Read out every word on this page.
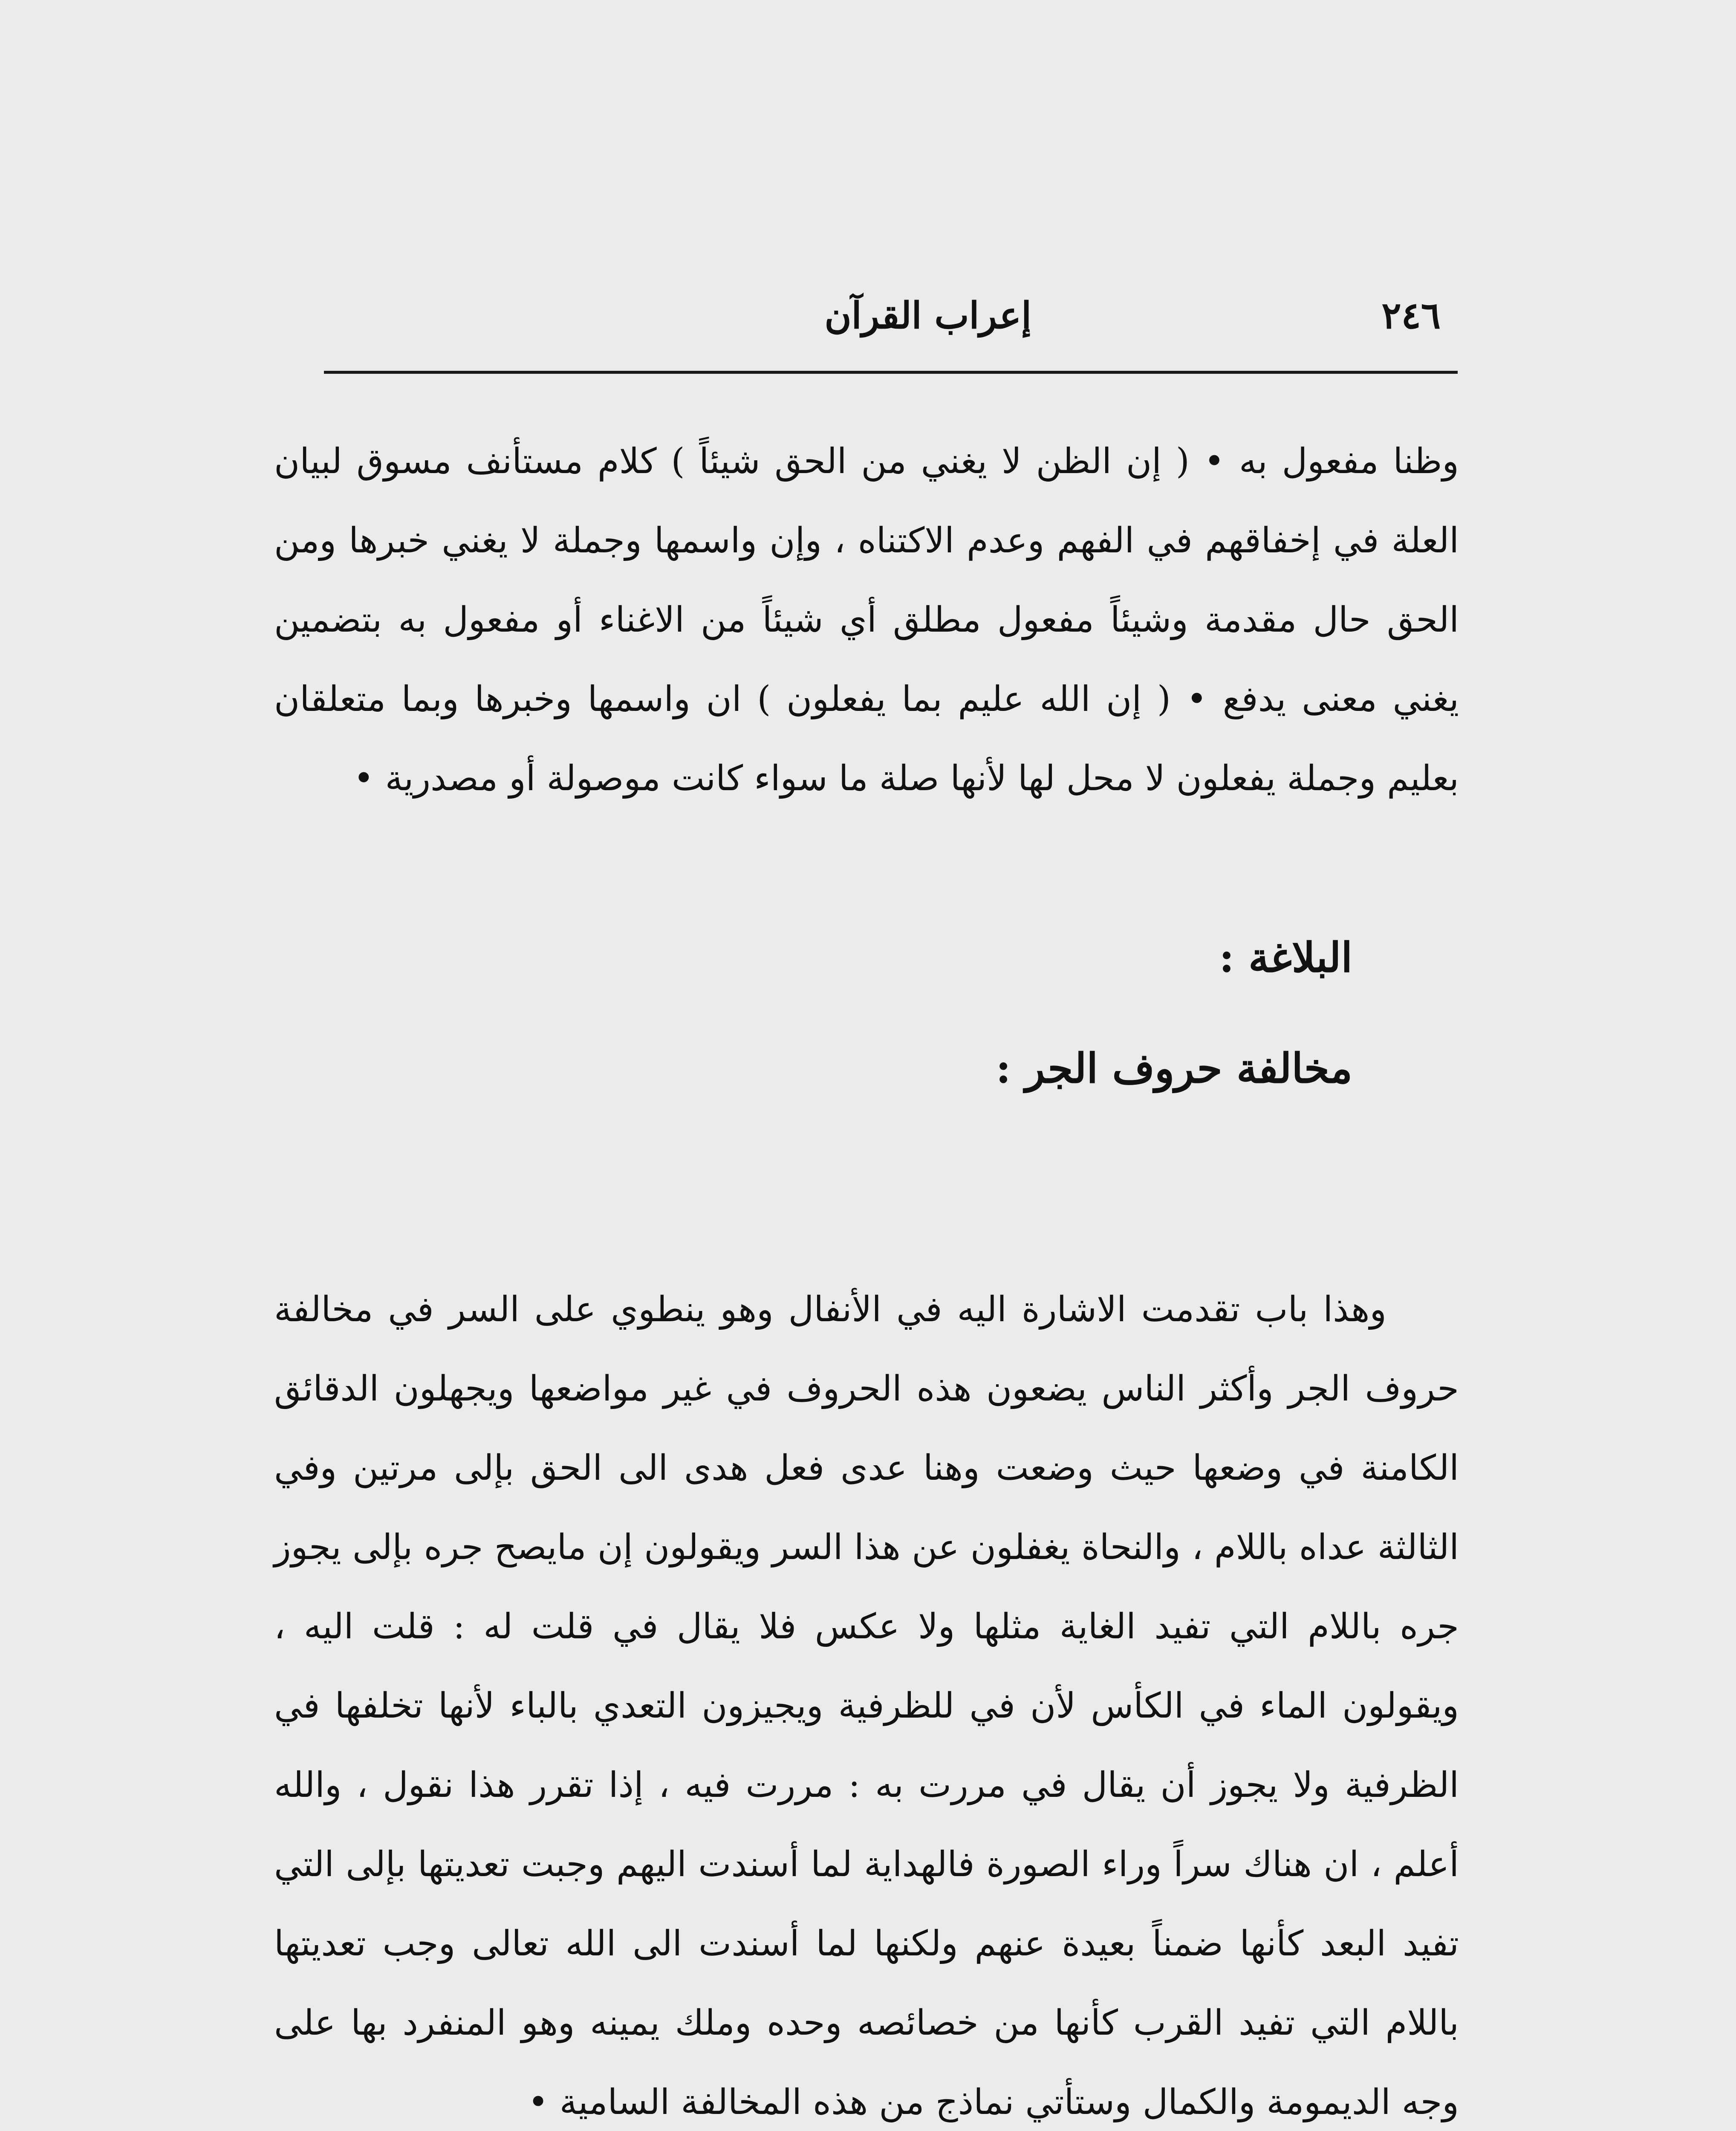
٢٤٦
إعراب القرآن

وظنا مفعول به • ( إن الظن لا يغني من الحق شيئاً ) كلام مستأنف مسوق لبيان العلة في إخفاقهم في الفهم وعدم الاكتناه ، وإن واسمها وجملة لا يغني خبرها ومن الحق حال مقدمة وشيئاً مفعول مطلق أي شيئاً من الاغناء أو مفعول به بتضمين يغني معنى يدفع • ( إن الله عليم بما يفعلون ) ان واسمها وخبرها وبما متعلقان بعليم وجملة يفعلون لا محل لها لأنها صلة ما سواء كانت موصولة أو مصدرية •

البلاغة :
مخالفة حروف الجر :

وهذا باب تقدمت الاشارة اليه في الأنفال وهو ينطوي على السر في مخالفة حروف الجر وأكثر الناس يضعون هذه الحروف في غير مواضعها ويجهلون الدقائق الكامنة في وضعها حيث وضعت وهنا عدى فعل هدى الى الحق بإلى مرتين وفي الثالثة عداه باللام ، والنحاة يغفلون عن هذا السر ويقولون إن مايصح جره بإلى يجوز جره باللام التي تفيد الغاية مثلها ولا عكس فلا يقال في قلت له : قلت اليه ، ويقولون الماء في الكأس لأن في للظرفية ويجيزون التعدي بالباء لأنها تخلفها في الظرفية ولا يجوز أن يقال في مررت به : مررت فيه ، إذا تقرر هذا نقول ، والله أعلم ، ان هناك سراً وراء الصورة فالهداية لما أسندت اليهم وجبت تعديتها بإلى التي تفيد البعد كأنها ضمناً بعيدة عنهم ولكنها لما أسندت الى الله تعالى وجب تعديتها باللام التي تفيد القرب كأنها من خصائصه وحده وملك يمينه وهو المنفرد بها على وجه الديمومة والكمال وستأتي نماذج من هذه المخالفة السامية •
